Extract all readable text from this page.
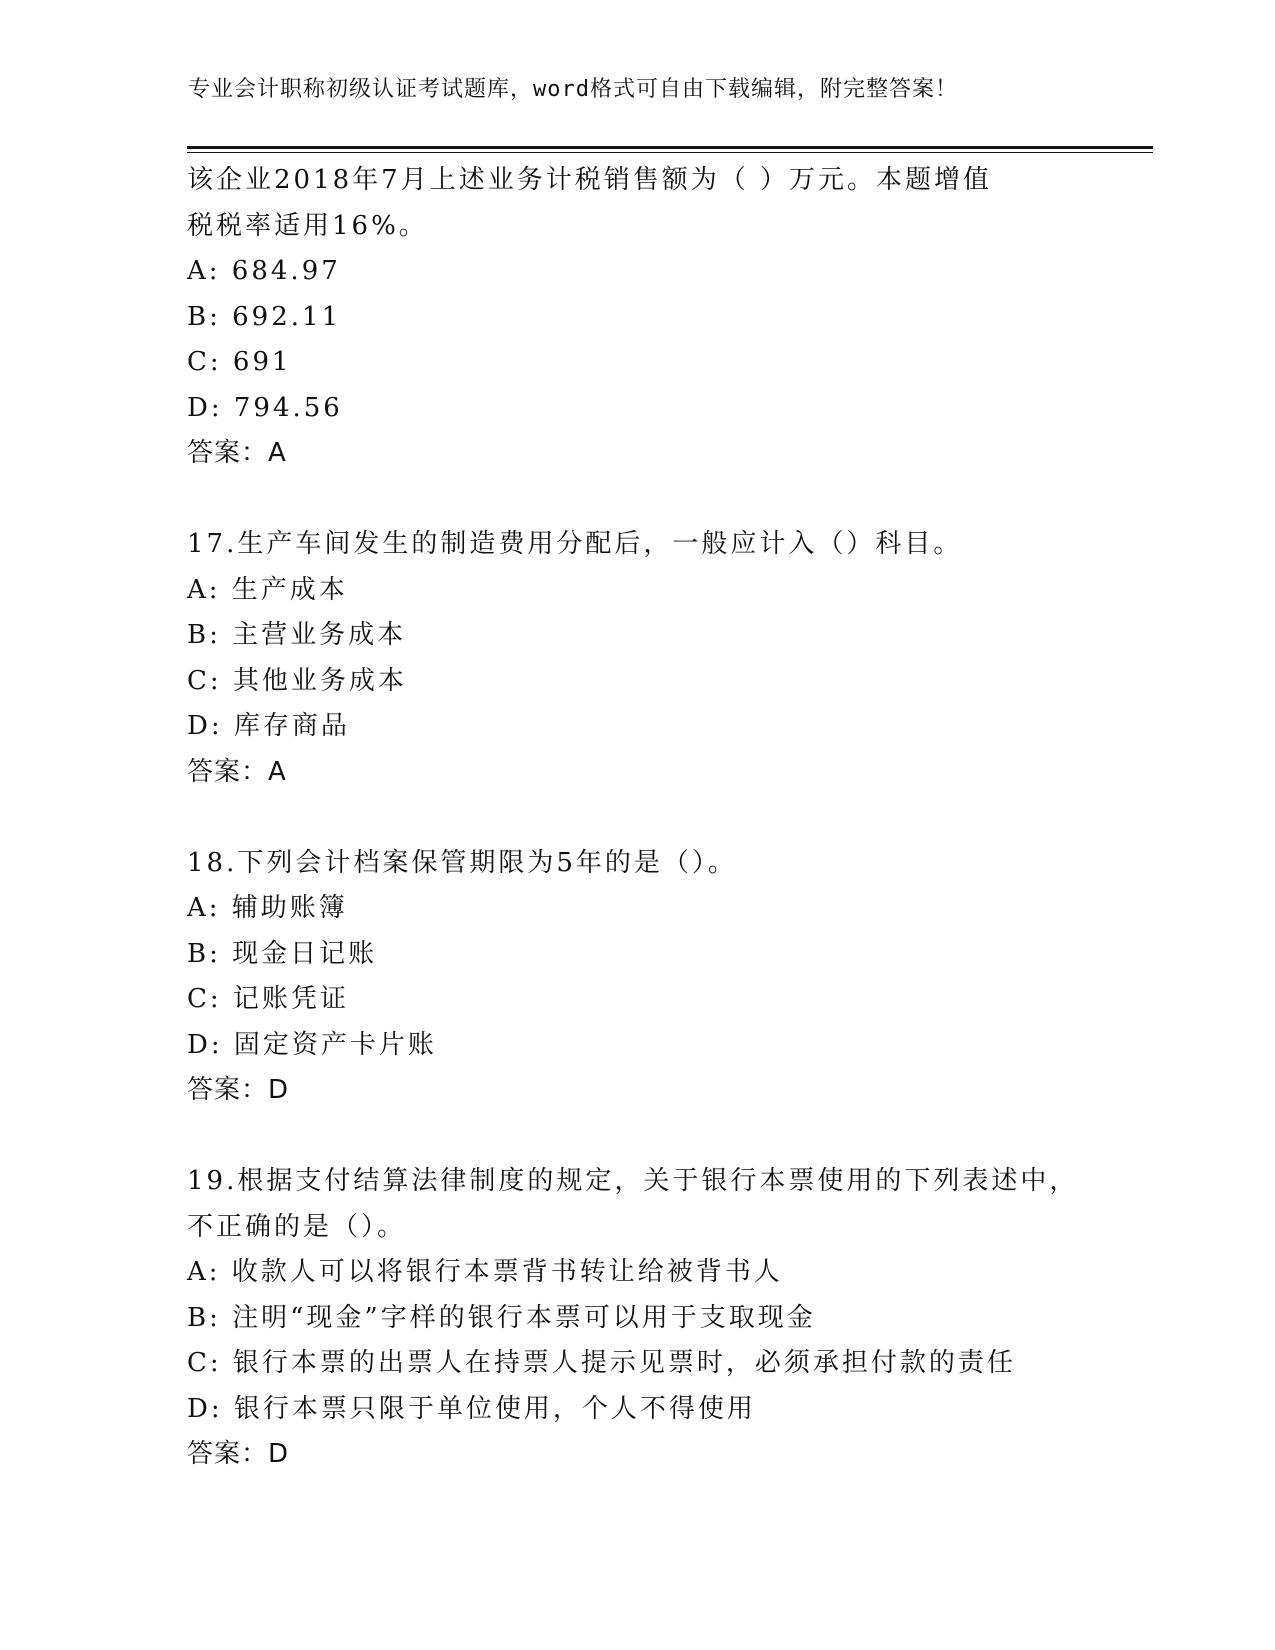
专业会计职称初级认证考试题库，word格式可自由下载编辑，附完整答案！
该企业2018年7月上述业务计税销售额为（ ）万元。本题增值
税税率适用16%。
A: 684.97
B: 692.11
C: 691
D: 794.56
答案：A
17.生产车间发生的制造费用分配后，一般应计入（）科目。
A: 生产成本
B: 主营业务成本
C: 其他业务成本
D: 库存商品
答案：A
18.下列会计档案保管期限为5年的是（）。
A: 辅助账簿
B: 现金日记账
C: 记账凭证
D: 固定资产卡片账
答案：D
19.根据支付结算法律制度的规定，关于银行本票使用的下列表述中，
不正确的是（）。
A: 收款人可以将银行本票背书转让给被背书人
B: 注明“现金”字样的银行本票可以用于支取现金
C: 银行本票的出票人在持票人提示见票时，必须承担付款的责任
D: 银行本票只限于单位使用，个人不得使用
答案：D
